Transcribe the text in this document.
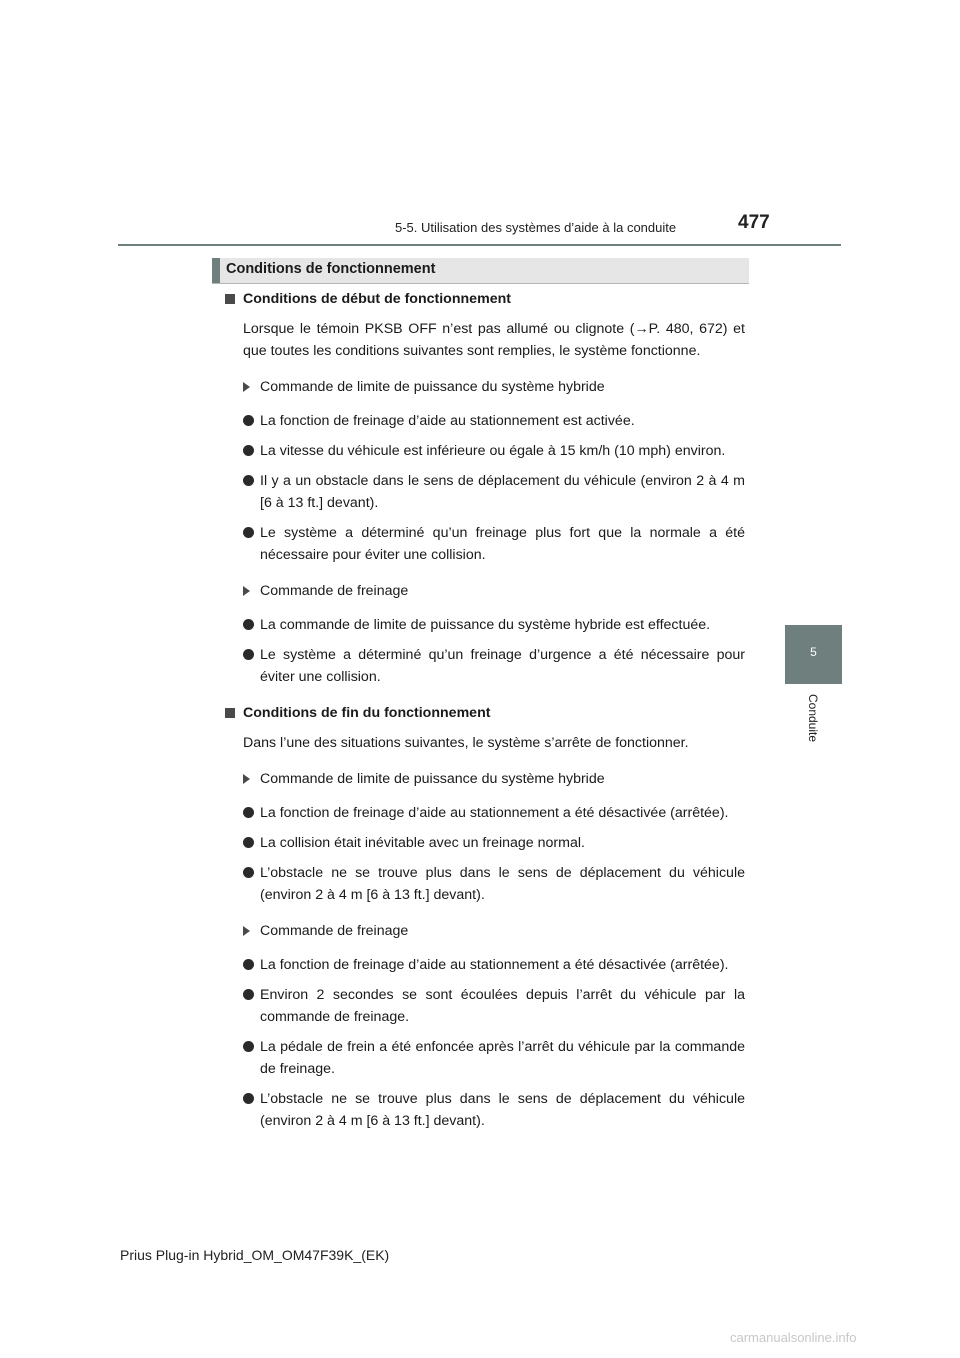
5-5. Utilisation des systèmes d’aide à la conduite	477
5
Conduite
Conditions de fonctionnement
Conditions de début de fonctionnement
Lorsque le témoin PKSB OFF n’est pas allumé ou clignote (→P. 480, 672) et que toutes les conditions suivantes sont remplies, le système fonctionne.
Commande de limite de puissance du système hybride
La fonction de freinage d’aide au stationnement est activée.
La vitesse du véhicule est inférieure ou égale à 15 km/h (10 mph) environ.
Il y a un obstacle dans le sens de déplacement du véhicule (environ 2 à 4 m [6 à 13 ft.] devant).
Le système a déterminé qu’un freinage plus fort que la normale a été nécessaire pour éviter une collision.
Commande de freinage
La commande de limite de puissance du système hybride est effectuée.
Le système a déterminé qu’un freinage d’urgence a été nécessaire pour éviter une collision.
Conditions de fin du fonctionnement
Dans l’une des situations suivantes, le système s’arrête de fonctionner.
Commande de limite de puissance du système hybride
La fonction de freinage d’aide au stationnement a été désactivée (arrêtée).
La collision était inévitable avec un freinage normal.
L’obstacle ne se trouve plus dans le sens de déplacement du véhicule (environ 2 à 4 m [6 à 13 ft.] devant).
Commande de freinage
La fonction de freinage d’aide au stationnement a été désactivée (arrêtée).
Environ 2 secondes se sont écoulées depuis l’arrêt du véhicule par la commande de freinage.
La pédale de frein a été enfoncée après l’arrêt du véhicule par la commande de freinage.
L’obstacle ne se trouve plus dans le sens de déplacement du véhicule (environ 2 à 4 m [6 à 13 ft.] devant).
Prius Plug-in Hybrid_OM_OM47F39K_(EK)
carmanualsonline.info
